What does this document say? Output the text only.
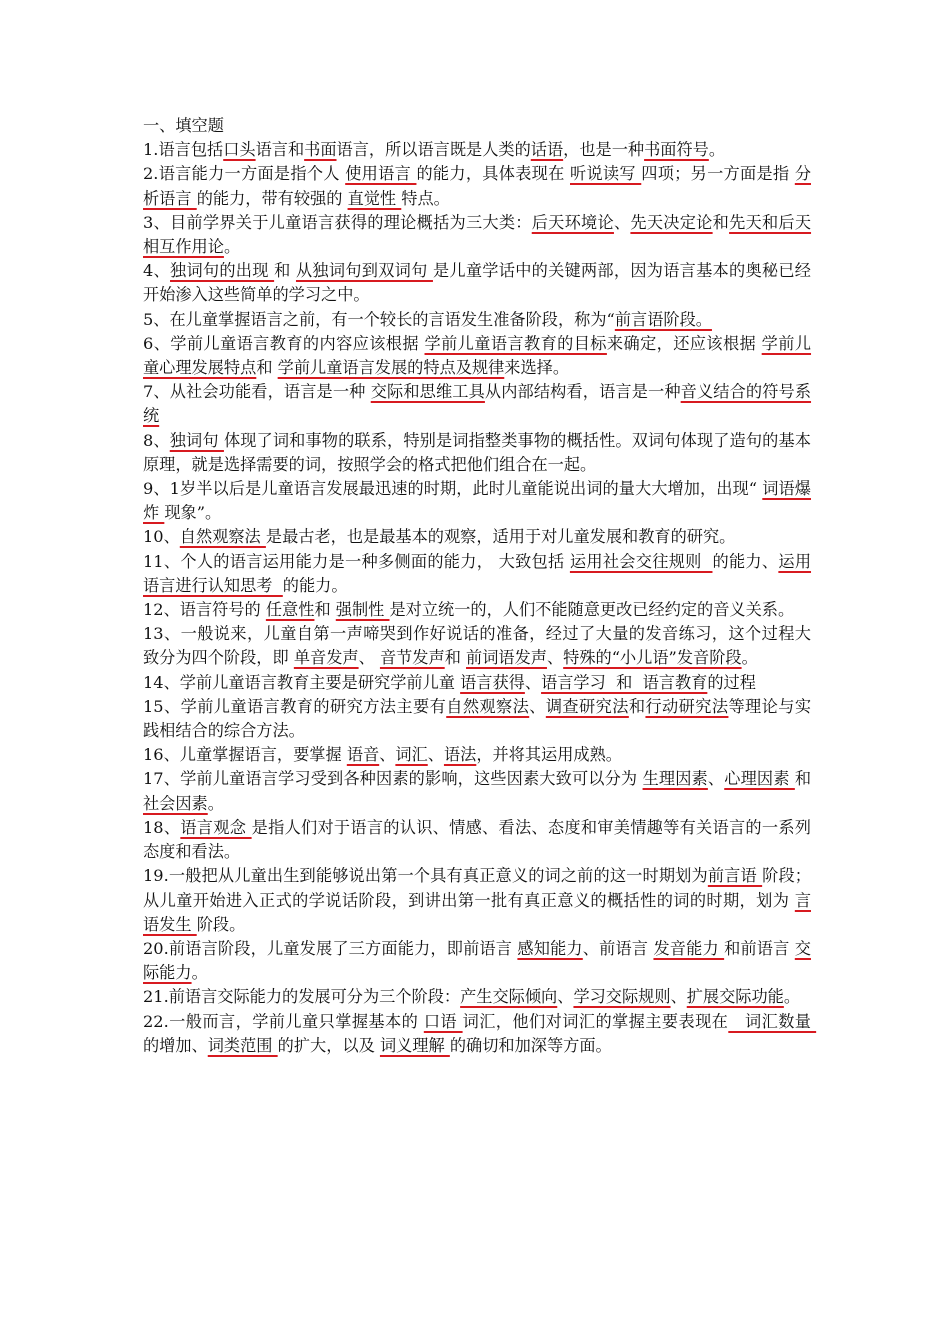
一、填空题

1.语言包括口头语言和书面语言，所以语言既是人类的话语，也是一种书面符号。

2.语言能力一方面是指个人 使用语言 的能力，具体表现在 听说读写 四项；另一方面是指 分析语言 的能力，带有较强的 直觉性 特点。

3、目前学界关于儿童语言获得的理论概括为三大类：后天环境论、先天决定论和先天和后天相互作用论。

4、独词句的出现 和 从独词句到双词句 是儿童学话中的关键两部，因为语言基本的奥秘已经开始渗入这些简单的学习之中。

5、在儿童掌握语言之前，有一个较长的言语发生准备阶段，称为“前言语阶段。

6、学前儿童语言教育的内容应该根据 学前儿童语言教育的目标来确定，还应该根据 学前儿童心理发展特点和 学前儿童语言发展的特点及规律来选择。

7、从社会功能看，语言是一种 交际和思维工具从内部结构看，语言是一种音义结合的符号系统

8、独词句 体现了词和事物的联系，特别是词指整类事物的概括性。双词句体现了造句的基本原理，就是选择需要的词，按照学会的格式把他们组合在一起。

9、1岁半以后是儿童语言发展最迅速的时期，此时儿童能说出词的量大大增加，出现“ 词语爆炸 现象”。

10、自然观察法 是最古老，也是最基本的观察，适用于对儿童发展和教育的研究。

11、个人的语言运用能力是一种多侧面的能力， 大致包括 运用社会交往规则  的能力、运用语言进行认知思考  的能力。

12、语言符号的 任意性和 强制性 是对立统一的，人们不能随意更改已经约定的音义关系。

13、一般说来，儿童自第一声啼哭到作好说话的准备，经过了大量的发音练习，这个过程大致分为四个阶段，即 单音发声、 音节发声和 前词语发声、特殊的“小儿语”发音阶段。

14、学前儿童语言教育主要是研究学前儿童 语言获得、语言学习  和  语言教育的过程

15、学前儿童语言教育的研究方法主要有自然观察法、调查研究法和行动研究法等理论与实践相结合的综合方法。

16、儿童掌握语言，要掌握 语音、词汇、语法，并将其运用成熟。

17、学前儿童语言学习受到各种因素的影响，这些因素大致可以分为 生理因素、心理因素 和 社会因素。

18、语言观念 是指人们对于语言的认识、情感、看法、态度和审美情趣等有关语言的一系列态度和看法。

19.一般把从儿童出生到能够说出第一个具有真正意义的词之前的这一时期划为前言语 阶段；从儿童开始进入正式的学说话阶段，到讲出第一批有真正意义的概括性的词的时期，划为 言语发生 阶段。

20.前语言阶段，儿童发展了三方面能力，即前语言 感知能力、前语言 发音能力 和前语言 交际能力。

21.前语言交际能力的发展可分为三个阶段：产生交际倾向、学习交际规则、扩展交际功能。

22.一般而言，学前儿童只掌握基本的 口语 词汇，他们对词汇的掌握主要表现在   词汇数量 的增加、词类范围 的扩大，以及 词义理解 的确切和加深等方面。
